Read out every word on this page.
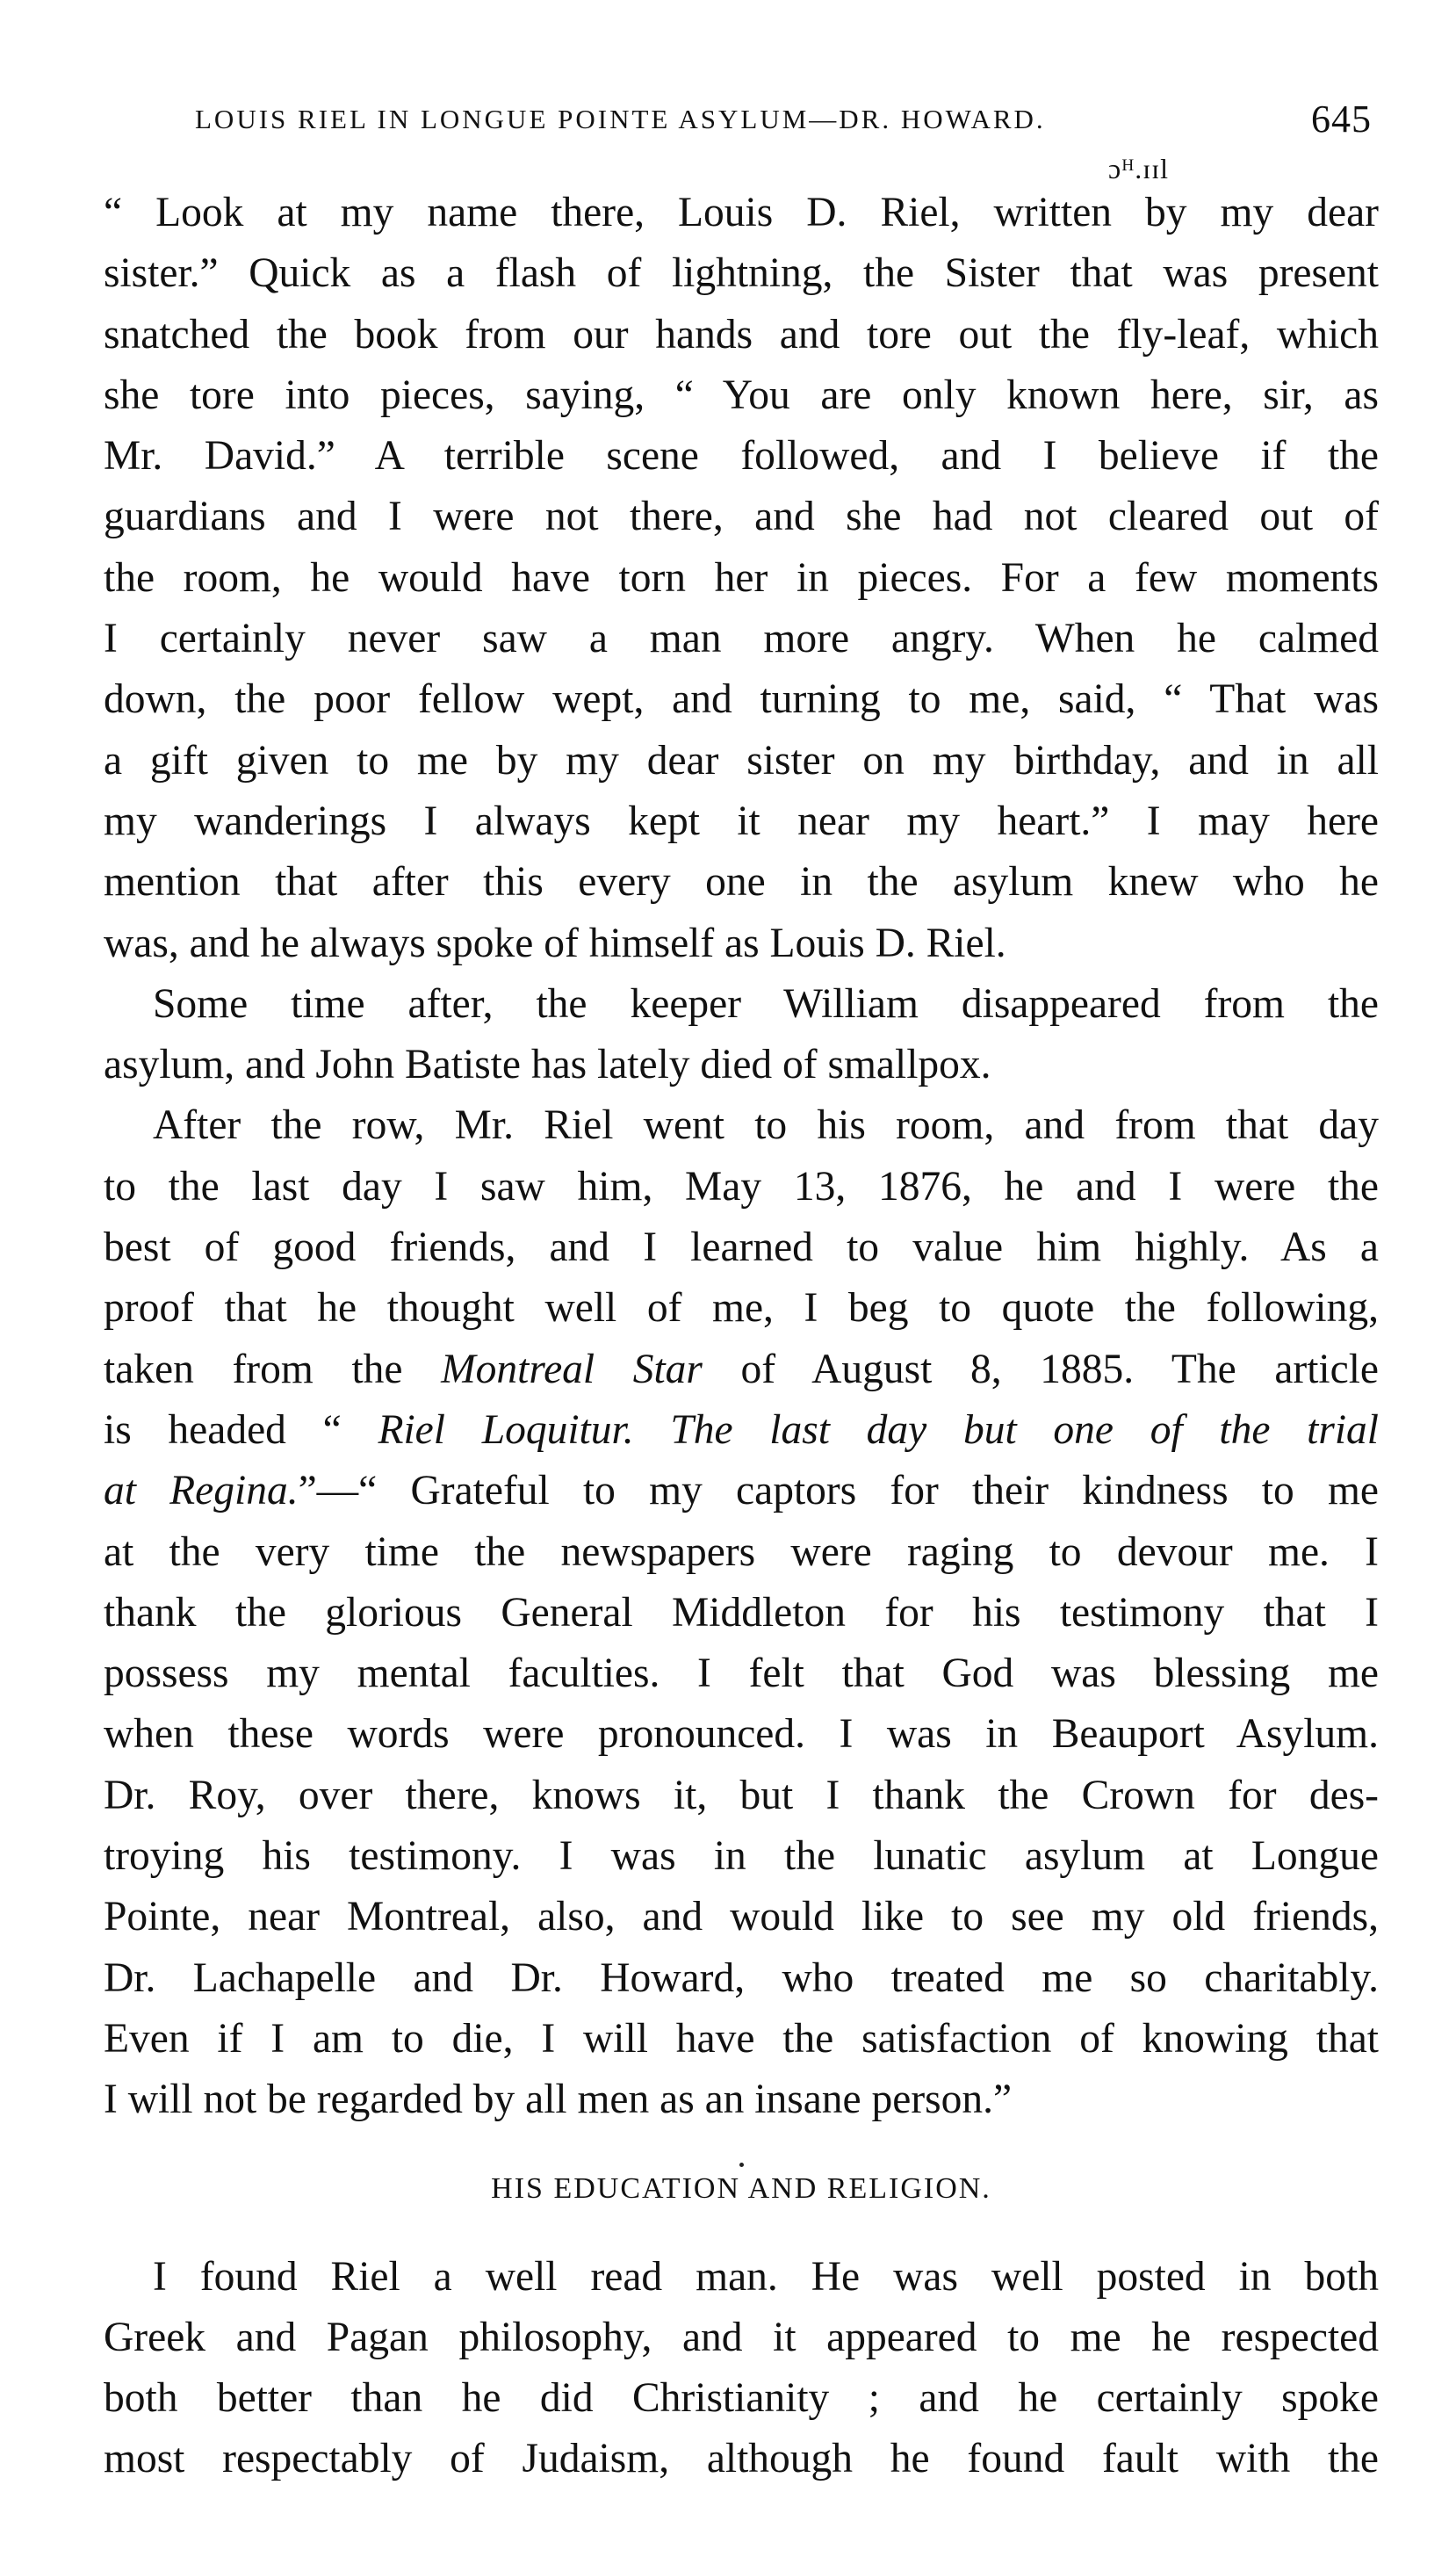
LOUIS RIEL IN LONGUE POINTE ASYLUM—DR. HOWARD.	645
ɔᴴ.ɪɪl

“ Look at my name there, Louis D. Riel, written by my dear
sister.” Quick as a flash of lightning, the Sister that was present
snatched the book from our hands and tore out the fly-leaf, which
she tore into pieces, saying, “ You are only known here, sir, as
Mr. David.” A terrible scene followed, and I believe if the
guardians and I were not there, and she had not cleared out of
the room, he would have torn her in pieces. For a few moments
I certainly never saw a man more angry. When he calmed
down, the poor fellow wept, and turning to me, said, “ That was
a gift given to me by my dear sister on my birthday, and in all
my wanderings I always kept it near my heart.” I may here
mention that after this every one in the asylum knew who he
was, and he always spoke of himself as Louis D. Riel.

Some time after, the keeper William disappeared from the
asylum, and John Batiste has lately died of smallpox.

After the row, Mr. Riel went to his room, and from that day
to the last day I saw him, May 13, 1876, he and I were the
best of good friends, and I learned to value him highly. As a
proof that he thought well of me, I beg to quote the following,
taken from the Montreal Star of August 8, 1885. The article
is headed “ Riel Loquitur. The last day but one of the trial
at Regina.”—“ Grateful to my captors for their kindness to me
at the very time the newspapers were raging to devour me. I
thank the glorious General Middleton for his testimony that I
possess my mental faculties. I felt that God was blessing me
when these words were pronounced. I was in Beauport Asylum.
Dr. Roy, over there, knows it, but I thank the Crown for des-
troying his testimony. I was in the lunatic asylum at Longue
Pointe, near Montreal, also, and would like to see my old friends,
Dr. Lachapelle and Dr. Howard, who treated me so charitably.
Even if I am to die, I will have the satisfaction of knowing that
I will not be regarded by all men as an insane person.”

HIS EDUCATION AND RELIGION.

I found Riel a well read man. He was well posted in both
Greek and Pagan philosophy, and it appeared to me he respected
both better than he did Christianity ; and he certainly spoke
most respectably of Judaism, although he found fault with the
